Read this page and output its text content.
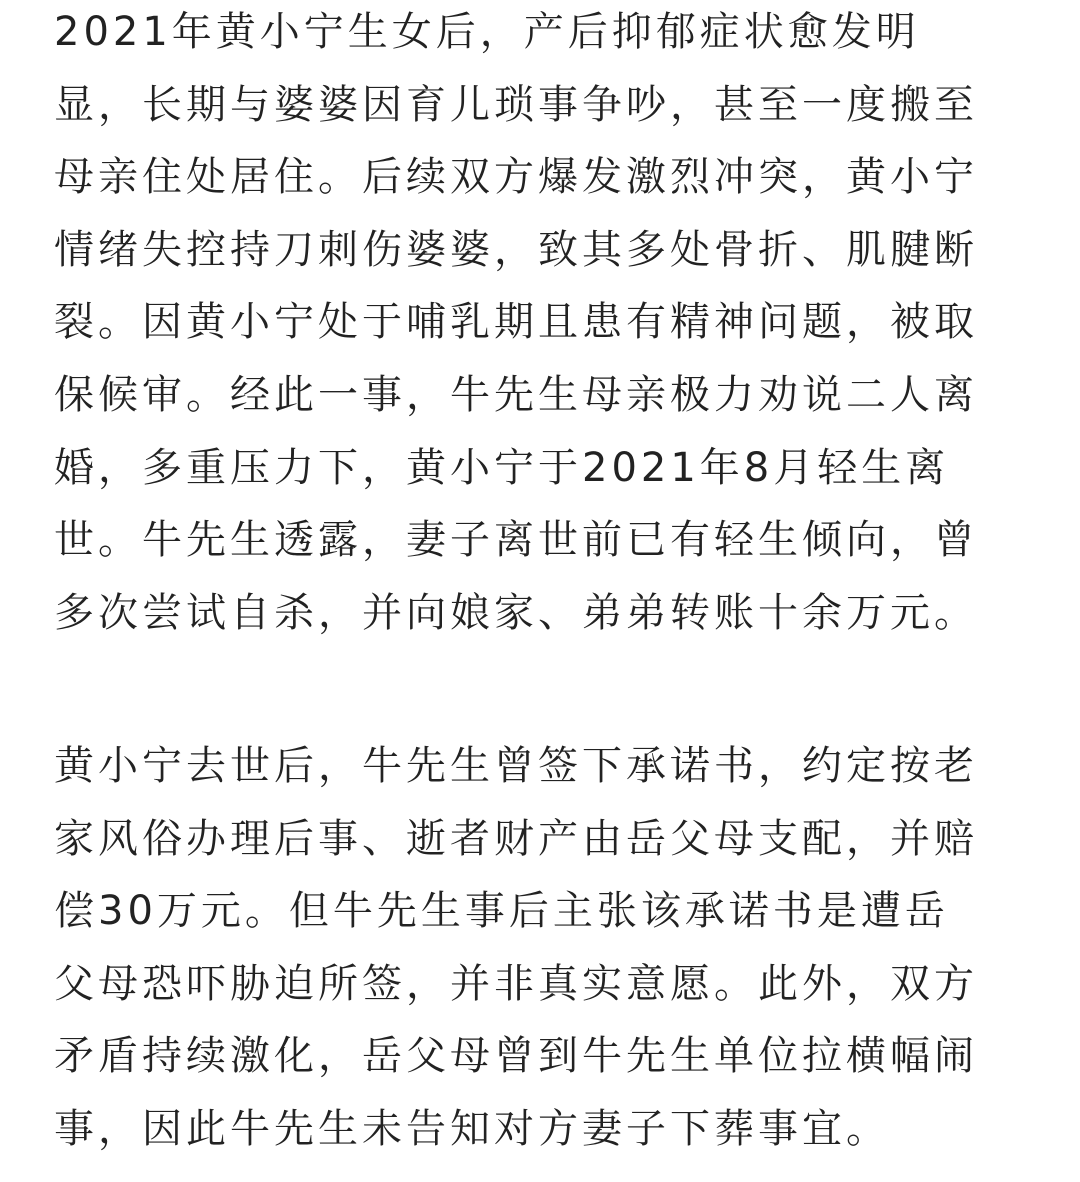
2021年黄小宁生女后，产后抑郁症状愈发明
显，长期与婆婆因育儿琐事争吵，甚至一度搬至
母亲住处居住。后续双方爆发激烈冲突，黄小宁
情绪失控持刀刺伤婆婆，致其多处骨折、肌腱断
裂。因黄小宁处于哺乳期且患有精神问题，被取
保候审。经此一事，牛先生母亲极力劝说二人离
婚，多重压力下，黄小宁于2021年8月轻生离
世。牛先生透露，妻子离世前已有轻生倾向，曾
多次尝试自杀，并向娘家、弟弟转账十余万元。
黄小宁去世后，牛先生曾签下承诺书，约定按老
家风俗办理后事、逝者财产由岳父母支配，并赔
偿30万元。但牛先生事后主张该承诺书是遭岳
父母恐吓胁迫所签，并非真实意愿。此外，双方
矛盾持续激化，岳父母曾到牛先生单位拉横幅闹
事，因此牛先生未告知对方妻子下葬事宜。
